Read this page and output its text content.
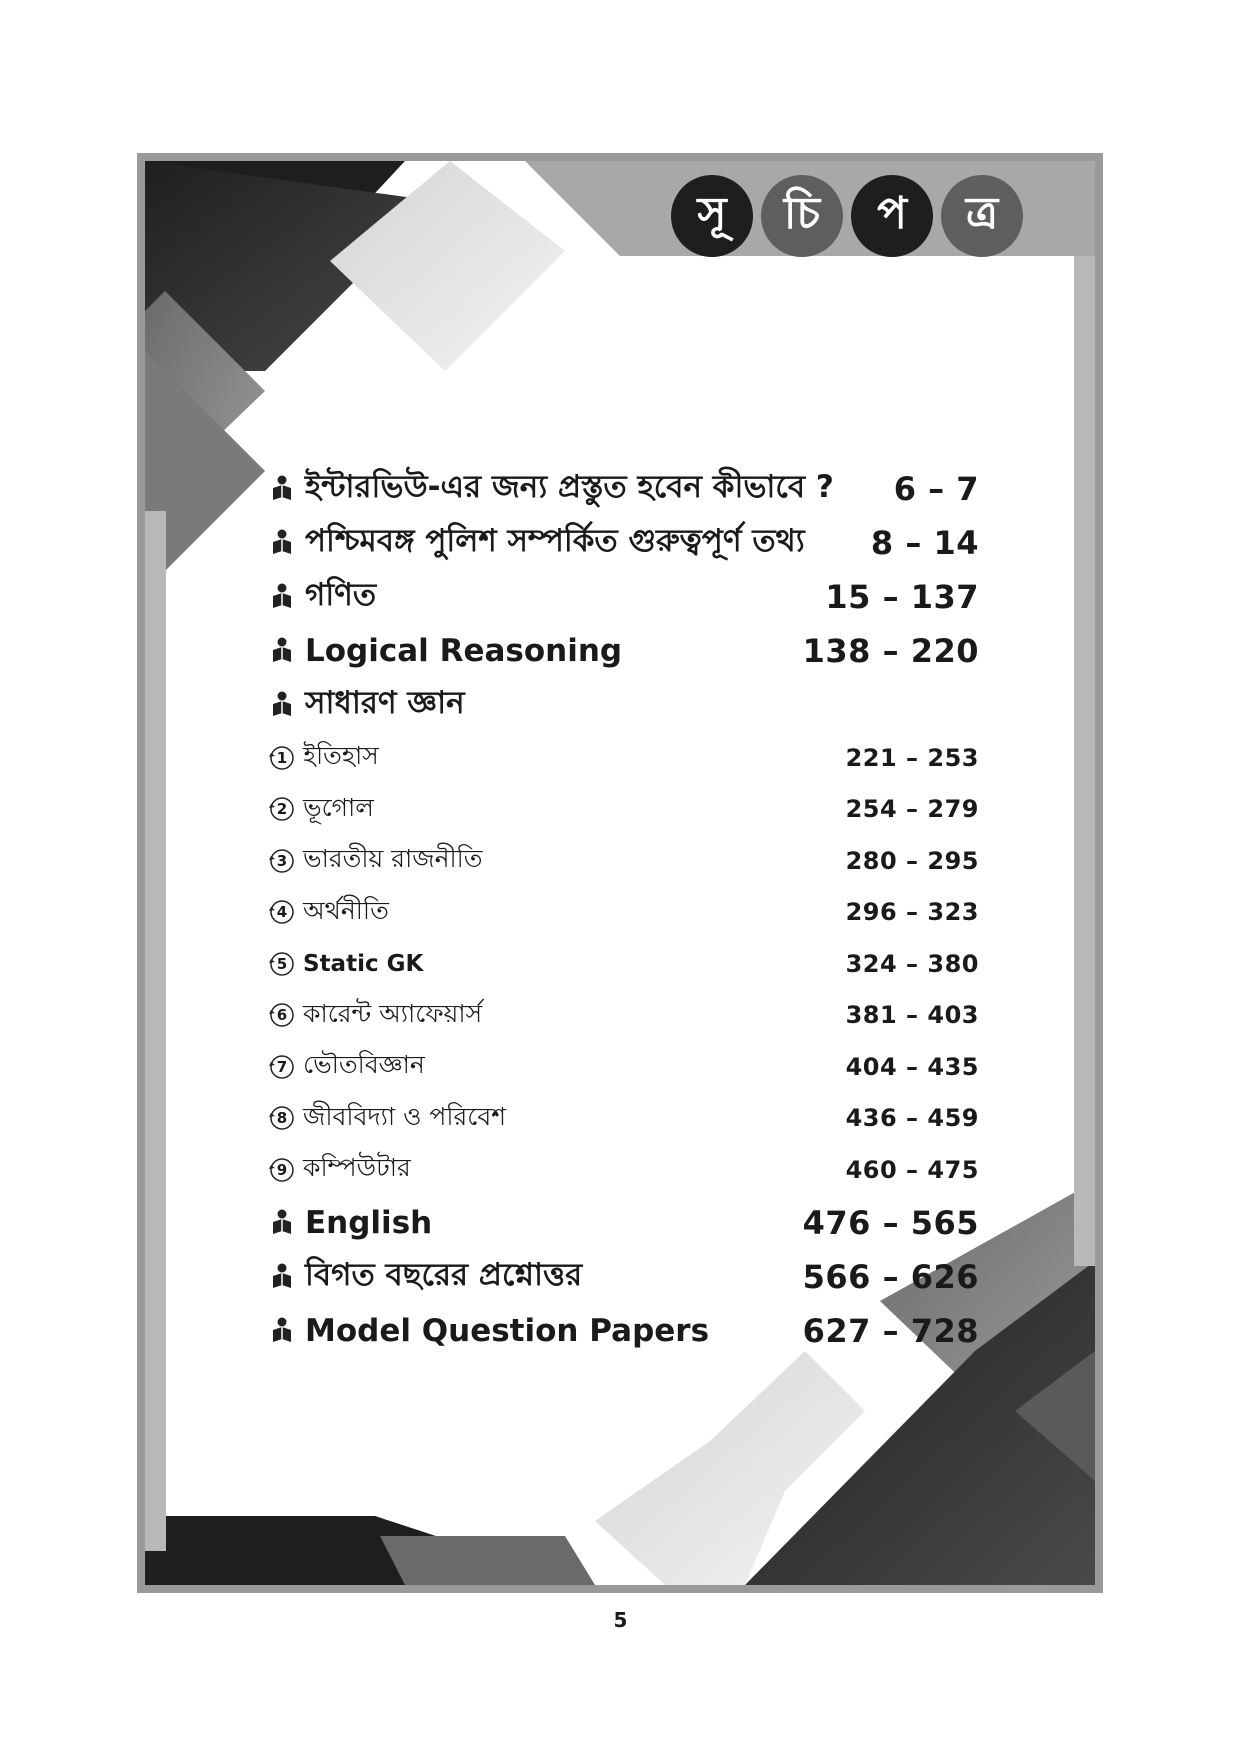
সূ	চি	প	ত্র
ইন্টারভিউ-এর জন্য প্রস্তুত হবেন কীভাবে ? 6 – 7
পশ্চিমবঙ্গ পুলিশ সম্পর্কিত গুরুত্বপূর্ণ তথ্য 8 – 14
গণিত	15 – 137
Logical Reasoning	138 – 220
সাধারণ জ্ঞান
1 ইতিহাস	221 – 253
2 ভূগোল	254 – 279
3 ভারতীয় রাজনীতি	280 – 295
4 অর্থনীতি	296 – 323
5 Static GK	324 – 380
6 কারেন্ট অ্যাফেয়ার্স	381 – 403
7 ভৌতবিজ্ঞান	404 – 435
8 জীববিদ্যা ও পরিবেশ	436 – 459
9 কম্পিউটার	460 – 475
English	476 – 565
বিগত বছরের প্রশ্নোত্তর	566 – 626
Model Question Papers	627 – 728
5
